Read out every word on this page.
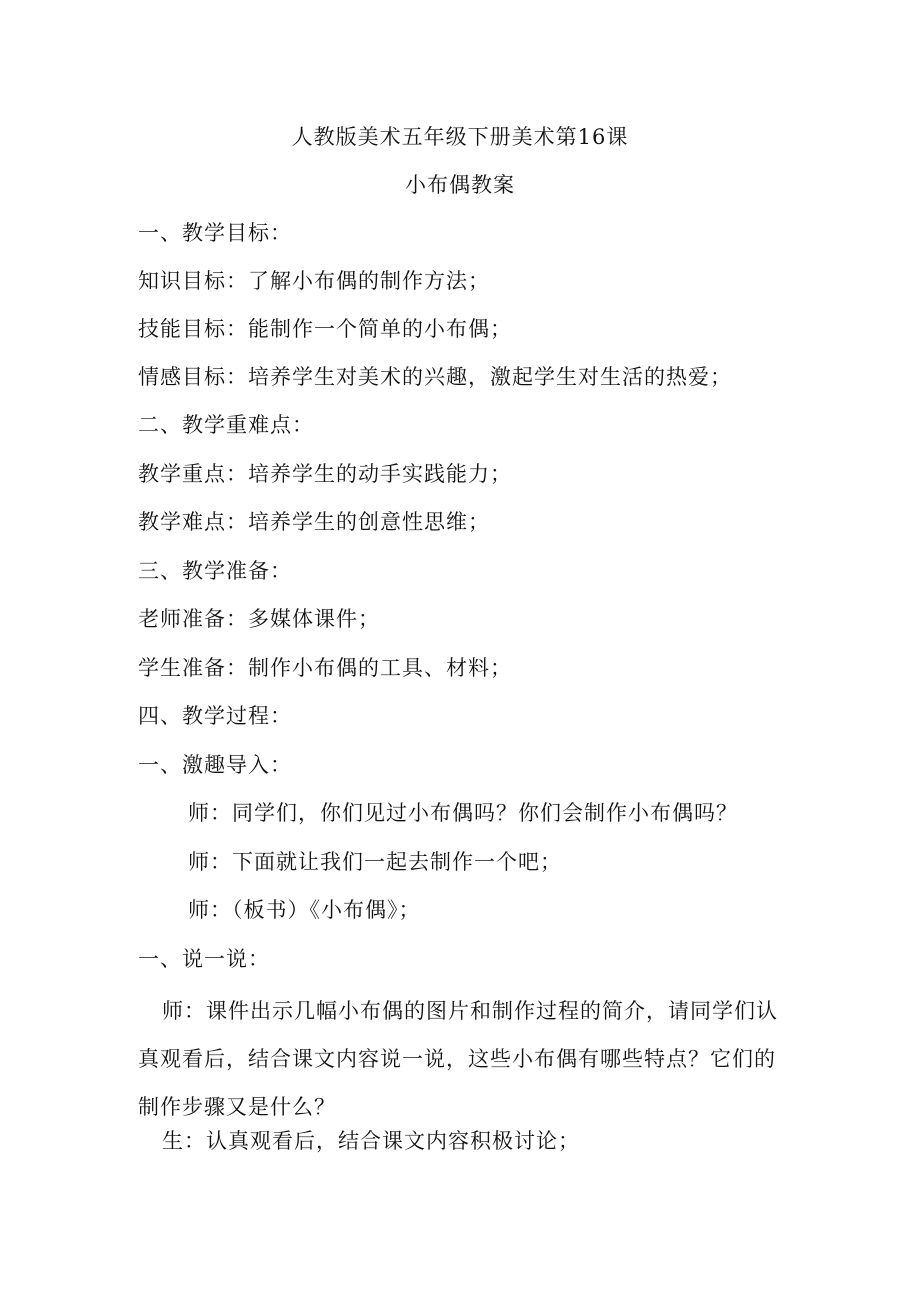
人教版美术五年级下册美术第16课
小布偶教案
一、教学目标：
知识目标：了解小布偶的制作方法；
技能目标：能制作一个简单的小布偶；
情感目标：培养学生对美术的兴趣，激起学生对生活的热爱；
二、教学重难点：
教学重点：培养学生的动手实践能力；
教学难点：培养学生的创意性思维；
三、教学准备：
老师准备：多媒体课件；
学生准备：制作小布偶的工具、材料；
四、教学过程：
一、激趣导入：
师：同学们，你们见过小布偶吗？你们会制作小布偶吗？
师：下面就让我们一起去制作一个吧；
师：（板书）《小布偶》；
一、说一说：
师：课件出示几幅小布偶的图片和制作过程的简介，请同学们认真观看后，结合课文内容说一说，这些小布偶有哪些特点？它们的制作步骤又是什么？
生：认真观看后，结合课文内容积极讨论；
